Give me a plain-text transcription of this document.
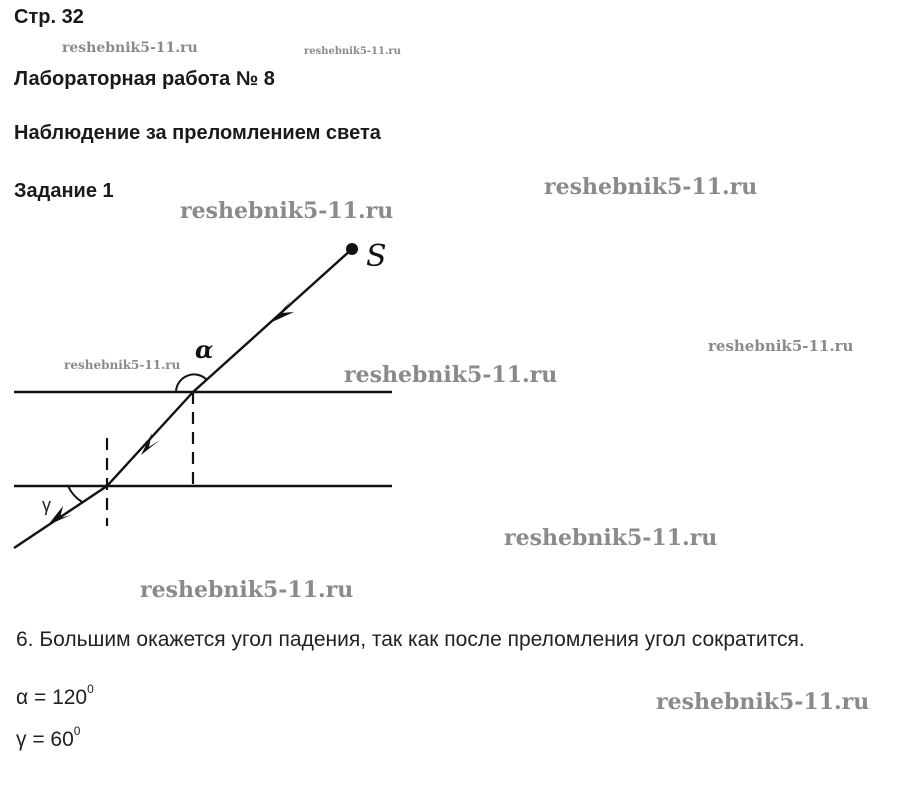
Стр. 32
reshebnik5-11.ru	reshebnik5-11.ru
Лабораторная работа № 8
Наблюдение за преломлением света
Задание 1	reshebnik5-11.ru
reshebnik5-11.ru
reshebnik5-11.ru
reshebnik5-11.ru	reshebnik5-11.ru
reshebnik5-11.ru
reshebnik5-11.ru
reshebnik5-11.ru
S
α
γ
6. Большим окажется угол падения, так как после преломления угол сократится.
$\alpha = 120^0$
$\gamma = 60^0$
